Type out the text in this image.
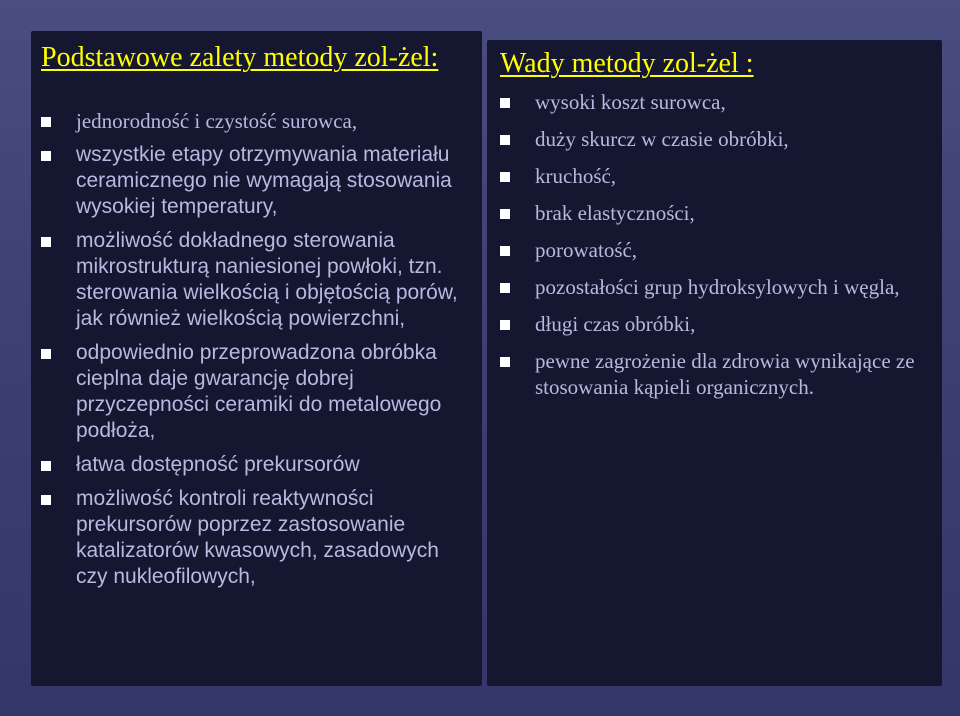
Podstawowe zalety metody zol-żel:
jednorodność i czystość surowca,
wszystkie etapy otrzymywania materiału ceramicznego nie wymagają stosowania wysokiej temperatury,
możliwość dokładnego sterowania mikrostrukturą naniesionej powłoki, tzn. sterowania wielkością i objętością porów, jak również wielkością powierzchni,
odpowiednio przeprowadzona obróbka cieplna daje gwarancję dobrej przyczepności ceramiki do metalowego podłoża,
łatwa dostępność prekursorów
możliwość kontroli reaktywności prekursorów poprzez zastosowanie katalizatorów kwasowych, zasadowych czy nukleofilowych,
Wady metody zol-żel :
wysoki koszt surowca,
duży skurcz w czasie obróbki,
kruchość,
brak elastyczności,
porowatość,
pozostałości grup hydroksylowych i węgla,
długi czas obróbki,
pewne zagrożenie dla zdrowia wynikające ze stosowania kąpieli organicznych.
